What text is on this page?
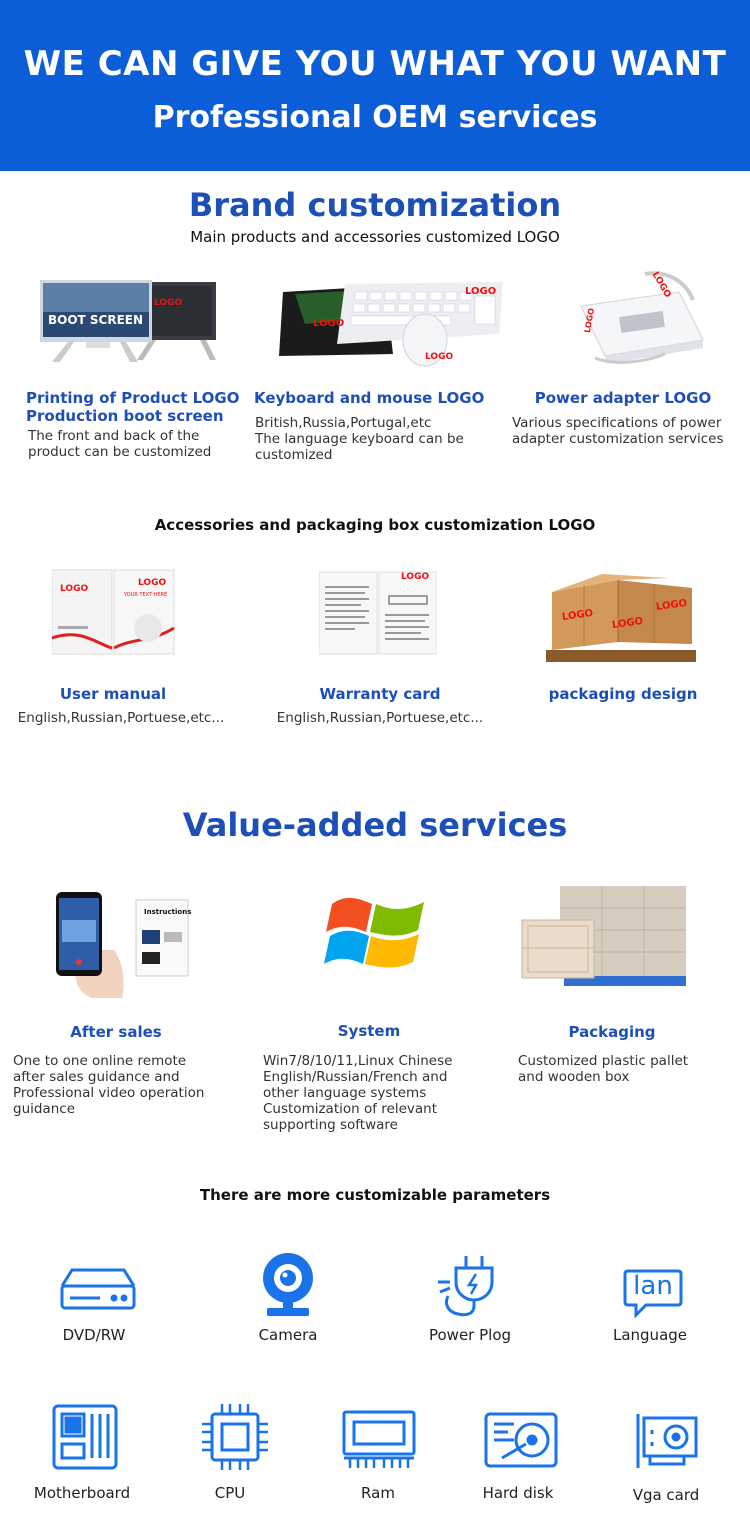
WE CAN GIVE YOU WHAT YOU WANT
Professional OEM services
Brand customization
Main products and accessories customized LOGO
BOOT SCREEN
LOGO
Printing of Product LOGO
Production boot screen
The front and back of the
product can be customized
LOGO
LOGO
LOGO
Keyboard and mouse LOGO
British,Russia,Portugal,etc
The language keyboard can be
customized
LOGO
LOGO
Power adapter LOGO
Various specifications of power
adapter customization services
Accessories and packaging box customization LOGO
LOGO
LOGO
YOUR TEXT HERE
User manual
English,Russian,Portuese,etc...
LOGO
Warranty card
English,Russian,Portuese,etc...
LOGO
LOGO
LOGO
packaging design
Value-added services
Instructions
After sales
One to one online remote
after sales guidance and
Professional video operation
guidance
System
Win7/8/10/11,Linux Chinese
English/Russian/French and
other language systems
Customization of relevant
supporting software
Packaging
Customized plastic pallet
and wooden box
There are more customizable parameters
DVD/RW	Camera	Power Plog
lan
Language
Motherboard	CPU	Ram	Hard disk	Vga card
